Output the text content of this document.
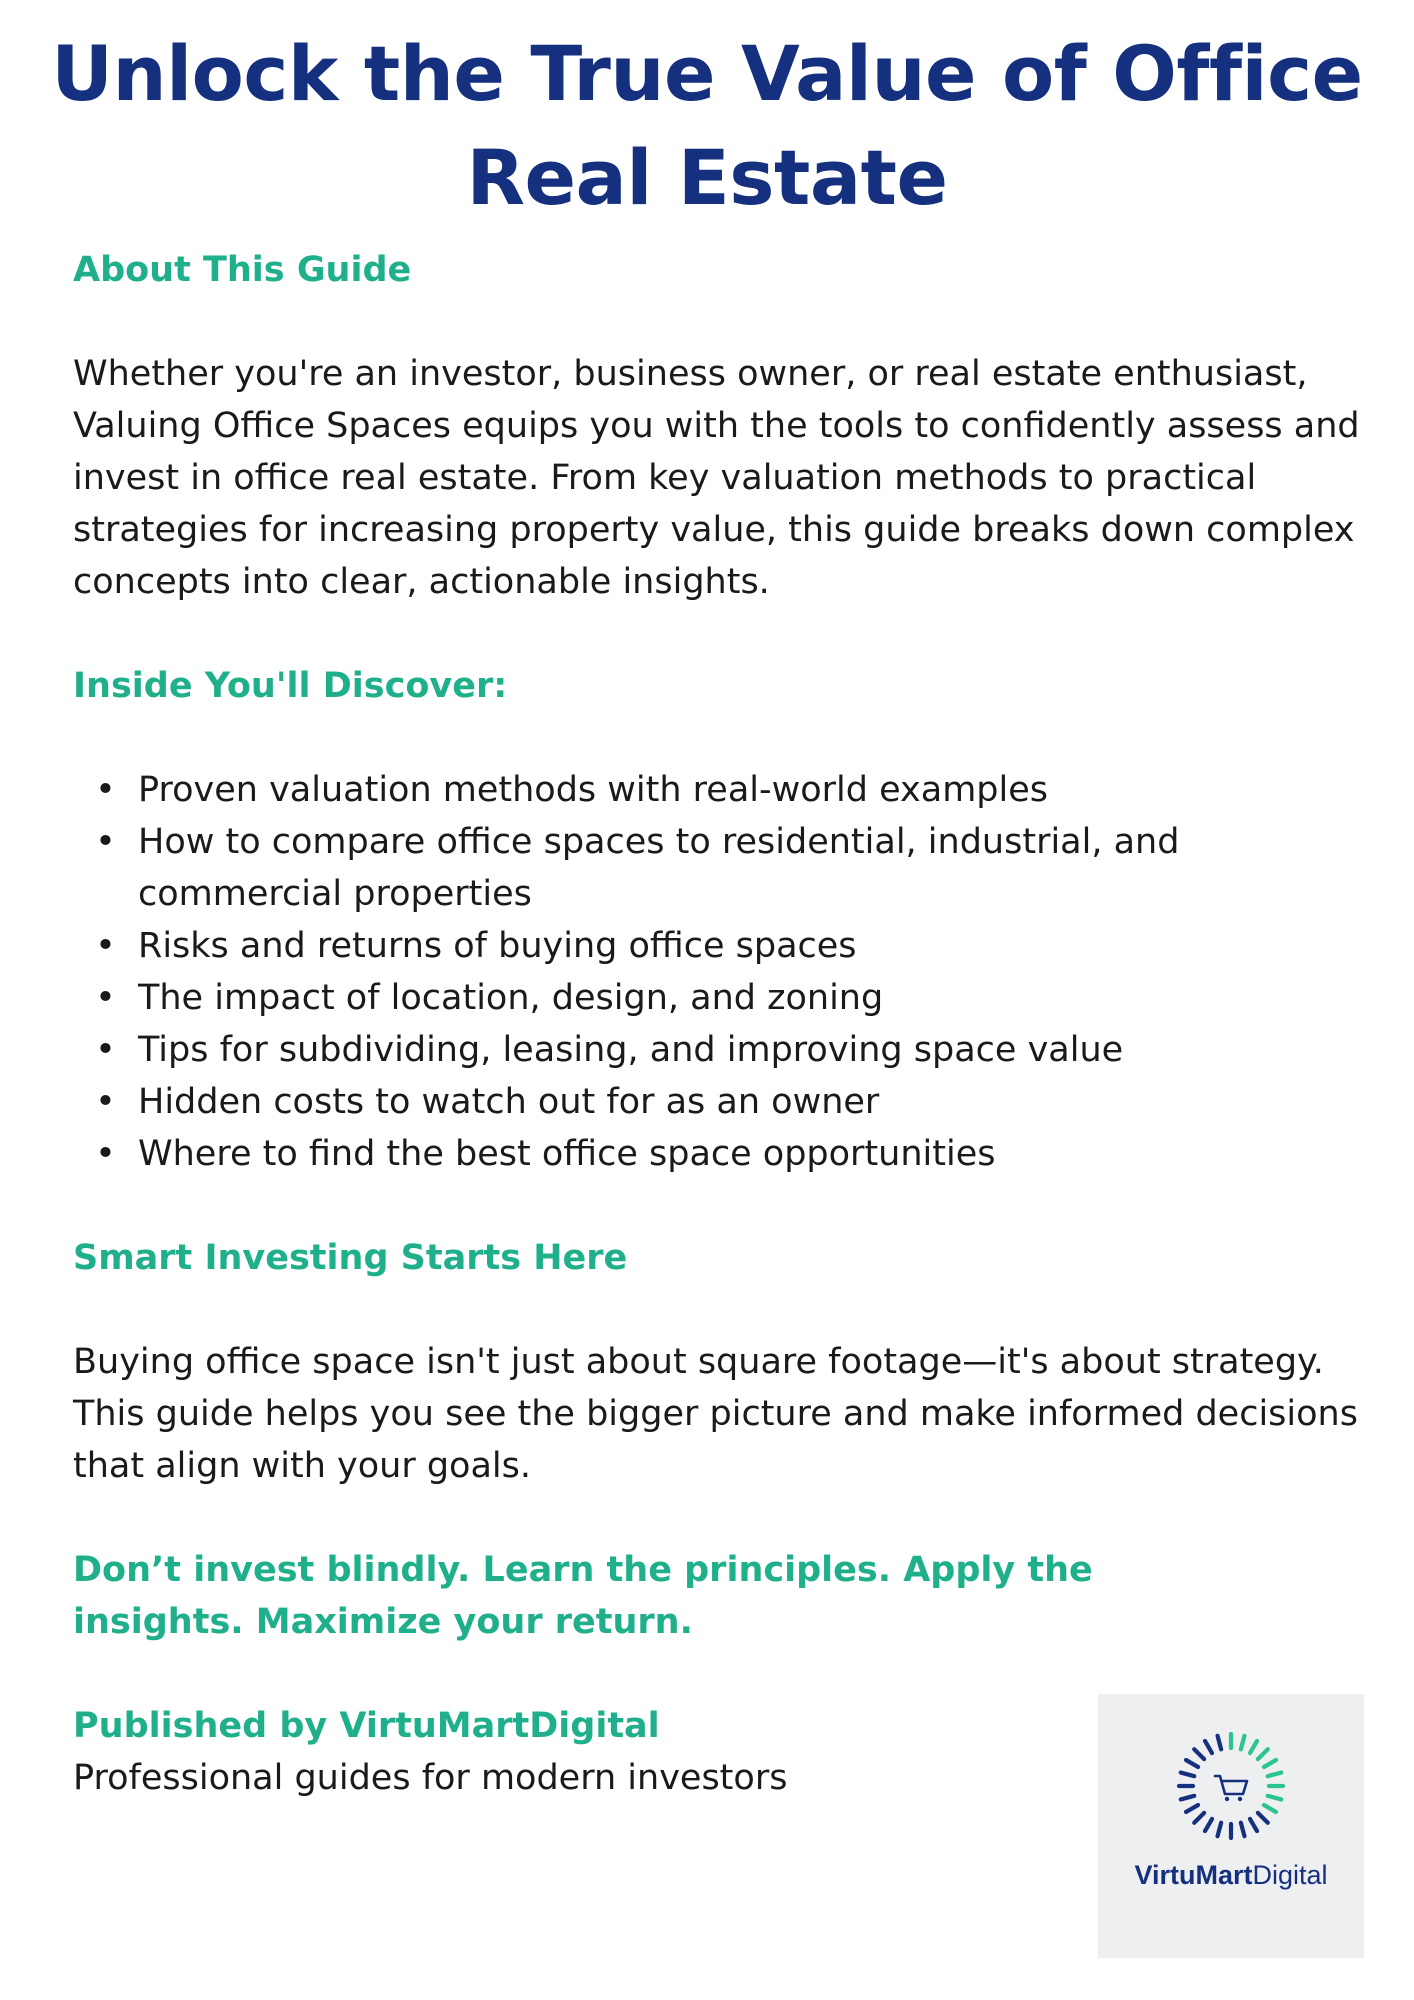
Unlock the True Value of Office Real Estate

About This Guide

Whether you're an investor, business owner, or real estate enthusiast, Valuing Office Spaces equips you with the tools to confidently assess and invest in office real estate. From key valuation methods to practical strategies for increasing property value, this guide breaks down complex concepts into clear, actionable insights.

Inside You'll Discover:

• Proven valuation methods with real-world examples
• How to compare office spaces to residential, industrial, and commercial properties
• Risks and returns of buying office spaces
• The impact of location, design, and zoning
• Tips for subdividing, leasing, and improving space value
• Hidden costs to watch out for as an owner
• Where to find the best office space opportunities

Smart Investing Starts Here

Buying office space isn't just about square footage—it's about strategy. This guide helps you see the bigger picture and make informed decisions that align with your goals.

Don’t invest blindly. Learn the principles. Apply the insights. Maximize your return.

Published by VirtuMartDigital

Professional guides for modern investors

VirtuMartDigital
